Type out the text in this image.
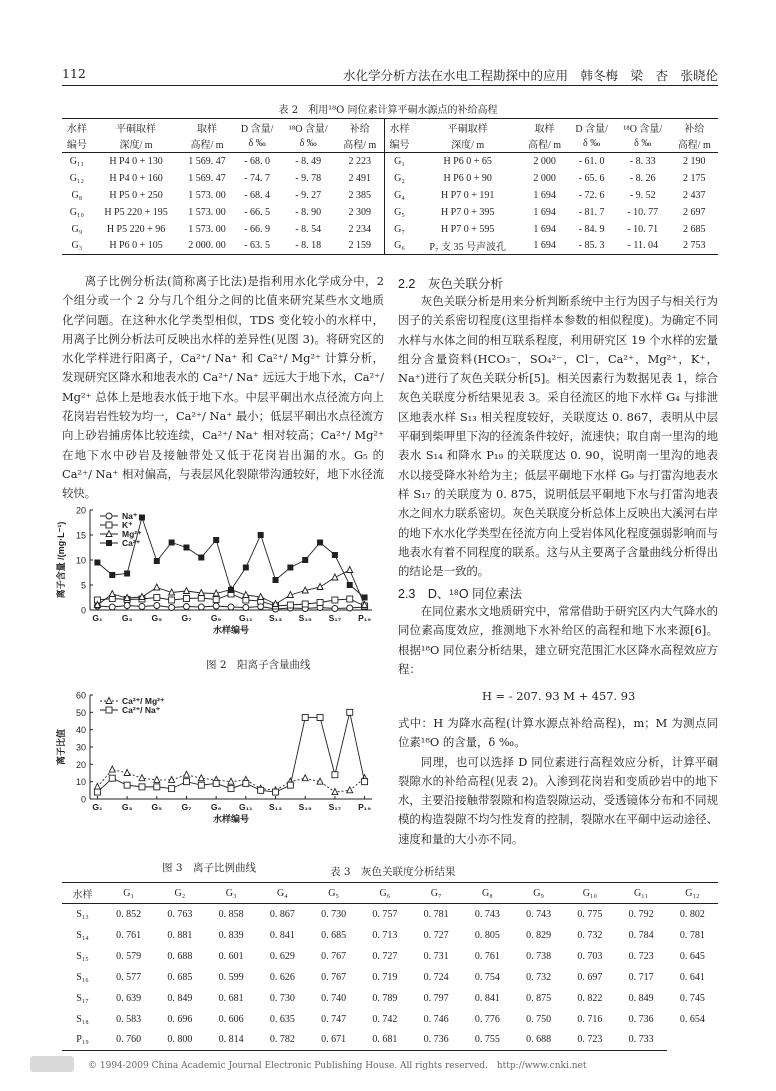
112	水化学分析方法在水电工程勘探中的应用　韩冬梅　梁　杏　张晓伦
表 2　利用¹⁸O 同位素计算平硐水源点的补给高程
水样	平硐取样	取样	D 含量/	¹⁸O 含量/	补给	水样	平硐取样	取样	D 含量/	¹⁸O 含量/	补给
编号	深度/ m	高程/ m	δ ‰	δ ‰	高程/ m	编号	深度/ m	高程/ m	δ ‰	δ ‰	高程/ m
G₁₁	H P4 0 + 130	1 569. 47	- 68. 0	- 8. 49	2 223	G₁	H P6 0 + 65	2 000	- 61. 0	- 8. 33	2 190
G₁₂	H P4 0 + 160	1 569. 47	- 74. 7	- 9. 78	2 491	G₂	H P6 0 + 90	2 000	- 65. 6	- 8. 26	2 175
G₈	H P5 0 + 250	1 573. 00	- 68. 4	- 9. 27	2 385	G₄	H P7 0 + 191	1 694	- 72. 6	- 9. 52	2 437
G₁₀	H P5 220 + 195	1 573. 00	- 66. 5	- 8. 90	2 309	G₅	H P7 0 + 395	1 694	- 81. 7	- 10. 77	2 697
G₉	H P5 220 + 96	1 573. 00	- 66. 9	- 8. 54	2 234	G₇	H P7 0 + 595	1 694	- 84. 9	- 10. 71	2 685
G₃	H P6 0 + 105	2 000. 00	- 63. 5	- 8. 18	2 159	G₆	P₇ 支 35 号声波孔	1 694	- 85. 3	- 11. 04	2 753

离子比例分析法(简称离子比法)是指利用水化学成分中，2 个组分或一个 2 分与几个组分之间的比值来研究某些水文地质化学问题。在这种水化学类型相似，TDS 变化较小的水样中，用离子比例分析法可反映出水样的差异性(见图 3)。将研究区的水化学样进行阳离子，Ca²⁺/ Na⁺ 和 Ca²⁺/ Mg²⁺ 计算分析，发现研究区降水和地表水的 Ca²⁺/ Na⁺ 远远大于地下水，Ca²⁺/ Mg²⁺ 总体上是地表水低于地下水。中层平硐出水点径流方向上花岗岩岩性较为均一，Ca²⁺/ Na⁺ 最小；低层平硐出水点径流方向上砂岩捕虏体比较连续，Ca²⁺/ Na⁺ 相对较高；Ca²⁺/ Mg²⁺ 在地下水中砂岩及接触带处又低于花岗岩出漏的水。G₅ 的 Ca²⁺/ Na⁺ 相对偏高，与表层风化裂隙带沟通较好，地下水径流较快。

0
5
10
15
20
G₁ G₃ G₅ G₇ G₉ G₁₁ S₁₃ S₁₅ S₁₇ P₁₉
水样编号
离子含量 /(mg·L⁻¹)
Na⁺
K⁺
Mg²⁺
Ca²⁺
图 2　阳离子含量曲线
0
10
20
30
40
50
60
G₁ G₃ G₅ G₇ G₉ G₁₁ S₁₃ S₁₅ S₁₇ P₁₉
水样编号
离子比值
Ca²⁺/ Mg²⁺
Ca²⁺/ Na⁺
图 3　离子比例曲线
2.2　灰色关联分析

灰色关联分析是用来分析判断系统中主行为因子与相关行为因子的关系密切程度(这里指样本参数的相似程度)。为确定不同水样与水体之间的相互联系程度，利用研究区 19 个水样的宏量组分含量资料(HCO₃⁻，SO₄²⁻，Cl⁻，Ca²⁺，Mg²⁺，K⁺，Na⁺)进行了灰色关联分析[5]。相关因素行为数据见表 1，综合灰色关联度分析结果见表 3。采自径流区的地下水样 G₄ 与排泄区地表水样 S₁₃ 相关程度较好，关联度达 0. 867，表明从中层平硐到柴呷里下沟的径流条件较好，流速快；取自南一里沟的地表水 S₁₄ 和降水 P₁₉ 的关联度达 0. 90，说明南一里沟的地表水以接受降水补给为主；低层平硐地下水样 G₉ 与打雷沟地表水样 S₁₇ 的关联度为 0. 875，说明低层平硐地下水与打雷沟地表水之间水力联系密切。灰色关联度分析总体上反映出大溪河右岸的地下水水化学类型在径流方向上受岩体风化程度强弱影响而与地表水有着不同程度的联系。这与从主要离子含量曲线分析得出的结论是一致的。

2.3　D、¹⁸O 同位素法

在同位素水文地质研究中，常常借助于研究区内大气降水的同位素高度效应，推测地下水补给区的高程和地下水来源[6]。根据¹⁸O 同位素分析结果，建立研究范围汇水区降水高程效应方程：

H = - 207. 93 M + 457. 93

式中：H 为降水高程(计算水源点补给高程)，m；M 为测点同位素¹⁸O 的含量，δ ‰。

同理，也可以选择 D 同位素进行高程效应分析，计算平硐裂隙水的补给高程(见表 2)。入渗到花岗岩和变质砂岩中的地下水，主要沿接触带裂隙和构造裂隙运动，受透镜体分布和不同规模的构造裂隙不均匀性发育的控制，裂隙水在平硐中运动途径、速度和量的大小亦不同。

表 3　灰色关联度分析结果
水样	G₁	G₂	G₃	G₄	G₅	G₆	G₇	G₈	G₉	G₁₀	G₁₁	G₁₂
S₁₃	0. 852	0. 763	0. 858	0. 867	0. 730	0. 757	0. 781	0. 743	0. 743	0. 775	0. 792	0. 802
S₁₄	0. 761	0. 881	0. 839	0. 841	0. 685	0. 713	0. 727	0. 805	0. 829	0. 732	0. 784	0. 781
S₁₅	0. 579	0. 688	0. 601	0. 629	0. 767	0. 727	0. 731	0. 761	0. 738	0. 703	0. 723	0. 645
S₁₆	0. 577	0. 685	0. 599	0. 626	0. 767	0. 719	0. 724	0. 754	0. 732	0. 697	0. 717	0. 641
S₁₇	0. 639	0. 849	0. 681	0. 730	0. 740	0. 789	0. 797	0. 841	0. 875	0. 822	0. 849	0. 745
S₁₈	0. 583	0. 696	0. 606	0. 635	0. 747	0. 742	0. 746	0. 776	0. 750	0. 716	0. 736	0. 654
P₁₉	0. 760	0. 800	0. 814	0. 782	0. 671	0. 681	0. 736	0. 755	0. 688	0. 723	0. 733	
© 1994-2009 China Academic Journal Electronic Publishing House. All rights reserved.　http://www.cnki.net
